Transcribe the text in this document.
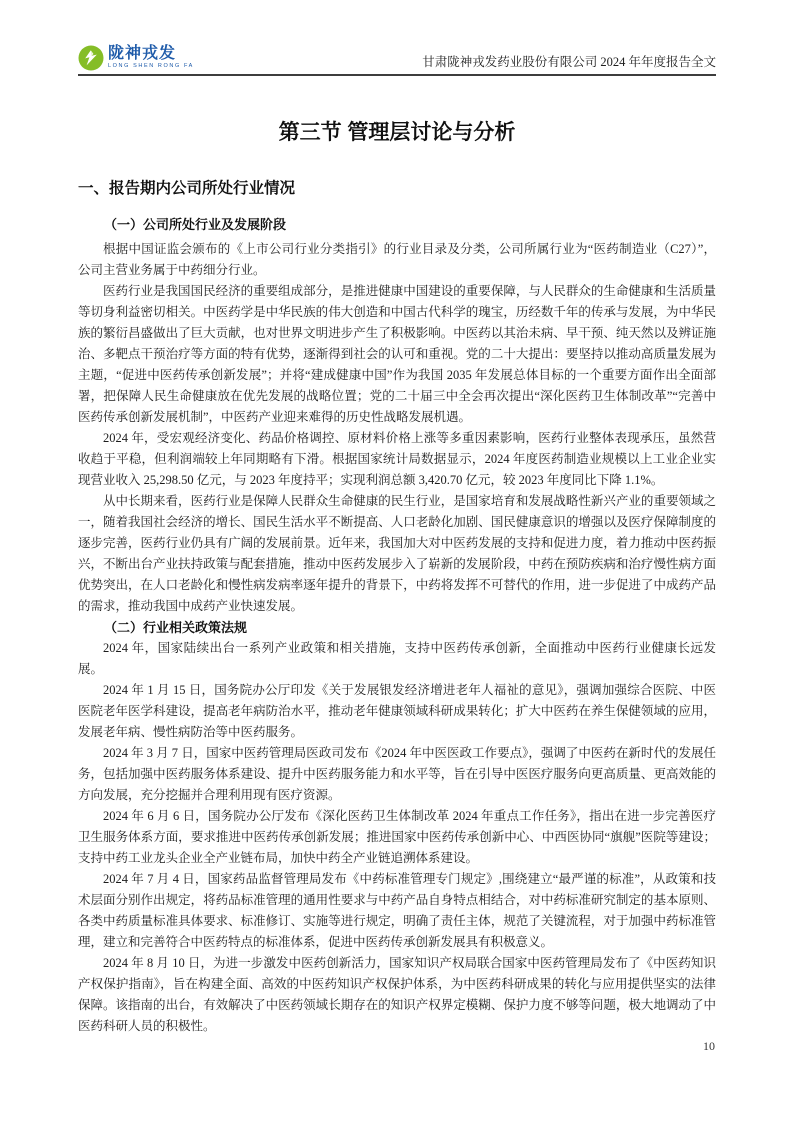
陇神戎发
LONG SHEN RONG FA	甘肃陇神戎发药业股份有限公司 2024 年年度报告全文
第三节 管理层讨论与分析
一、报告期内公司所处行业情况
（一）公司所处行业及发展阶段

根据中国证监会颁布的《上市公司行业分类指引》的行业目录及分类，公司所属行业为“医药制造业（C27）”，公司主营业务属于中药细分行业。

医药行业是我国国民经济的重要组成部分，是推进健康中国建设的重要保障，与人民群众的生命健康和生活质量等切身利益密切相关。中医药学是中华民族的伟大创造和中国古代科学的瑰宝，历经数千年的传承与发展，为中华民族的繁衍昌盛做出了巨大贡献，也对世界文明进步产生了积极影响。中医药以其治未病、早干预、纯天然以及辨证施治、多靶点干预治疗等方面的特有优势，逐渐得到社会的认可和重视。党的二十大提出：要坚持以推动高质量发展为主题，“促进中医药传承创新发展”；并将“建成健康中国”作为我国 2035 年发展总体目标的一个重要方面作出全面部署，把保障人民生命健康放在优先发展的战略位置；党的二十届三中全会再次提出“深化医药卫生体制改革”“完善中医药传承创新发展机制”，中医药产业迎来难得的历史性战略发展机遇。

2024 年，受宏观经济变化、药品价格调控、原材料价格上涨等多重因素影响，医药行业整体表现承压，虽然营收趋于平稳，但利润端较上年同期略有下滑。根据国家统计局数据显示，2024 年度医药制造业规模以上工业企业实现营业收入 25,298.50 亿元，与 2023 年度持平；实现利润总额 3,420.70 亿元，较 2023 年度同比下降 1.1%。

从中长期来看，医药行业是保障人民群众生命健康的民生行业，是国家培育和发展战略性新兴产业的重要领域之一，随着我国社会经济的增长、国民生活水平不断提高、人口老龄化加剧、国民健康意识的增强以及医疗保障制度的逐步完善，医药行业仍具有广阔的发展前景。近年来，我国加大对中医药发展的支持和促进力度，着力推动中医药振兴，不断出台产业扶持政策与配套措施，推动中医药发展步入了崭新的发展阶段，中药在预防疾病和治疗慢性病方面优势突出，在人口老龄化和慢性病发病率逐年提升的背景下，中药将发挥不可替代的作用，进一步促进了中成药产品的需求，推动我国中成药产业快速发展。

（二）行业相关政策法规

2024 年，国家陆续出台一系列产业政策和相关措施，支持中医药传承创新，全面推动中医药行业健康长远发展。

2024 年 1 月 15 日，国务院办公厅印发《关于发展银发经济增进老年人福祉的意见》，强调加强综合医院、中医医院老年医学科建设，提高老年病防治水平，推动老年健康领域科研成果转化；扩大中医药在养生保健领域的应用，发展老年病、慢性病防治等中医药服务。

2024 年 3 月 7 日，国家中医药管理局医政司发布《2024 年中医医政工作要点》，强调了中医药在新时代的发展任务，包括加强中医药服务体系建设、提升中医药服务能力和水平等，旨在引导中医医疗服务向更高质量、更高效能的方向发展，充分挖掘并合理利用现有医疗资源。

2024 年 6 月 6 日，国务院办公厅发布《深化医药卫生体制改革 2024 年重点工作任务》，指出在进一步完善医疗卫生服务体系方面，要求推进中医药传承创新发展；推进国家中医药传承创新中心、中西医协同“旗舰”医院等建设；支持中药工业龙头企业全产业链布局，加快中药全产业链追溯体系建设。

2024 年 7 月 4 日，国家药品监督管理局发布《中药标准管理专门规定》,围绕建立“最严谨的标准”，从政策和技术层面分别作出规定，将药品标准管理的通用性要求与中药产品自身特点相结合，对中药标准研究制定的基本原则、各类中药质量标准具体要求、标准修订、实施等进行规定，明确了责任主体，规范了关键流程，对于加强中药标准管理，建立和完善符合中医药特点的标准体系，促进中医药传承创新发展具有积极意义。

2024 年 8 月 10 日，为进一步激发中医药创新活力，国家知识产权局联合国家中医药管理局发布了《中医药知识产权保护指南》，旨在构建全面、高效的中医药知识产权保护体系，为中医药科研成果的转化与应用提供坚实的法律保障。该指南的出台，有效解决了中医药领域长期存在的知识产权界定模糊、保护力度不够等问题，极大地调动了中医药科研人员的积极性。

10
